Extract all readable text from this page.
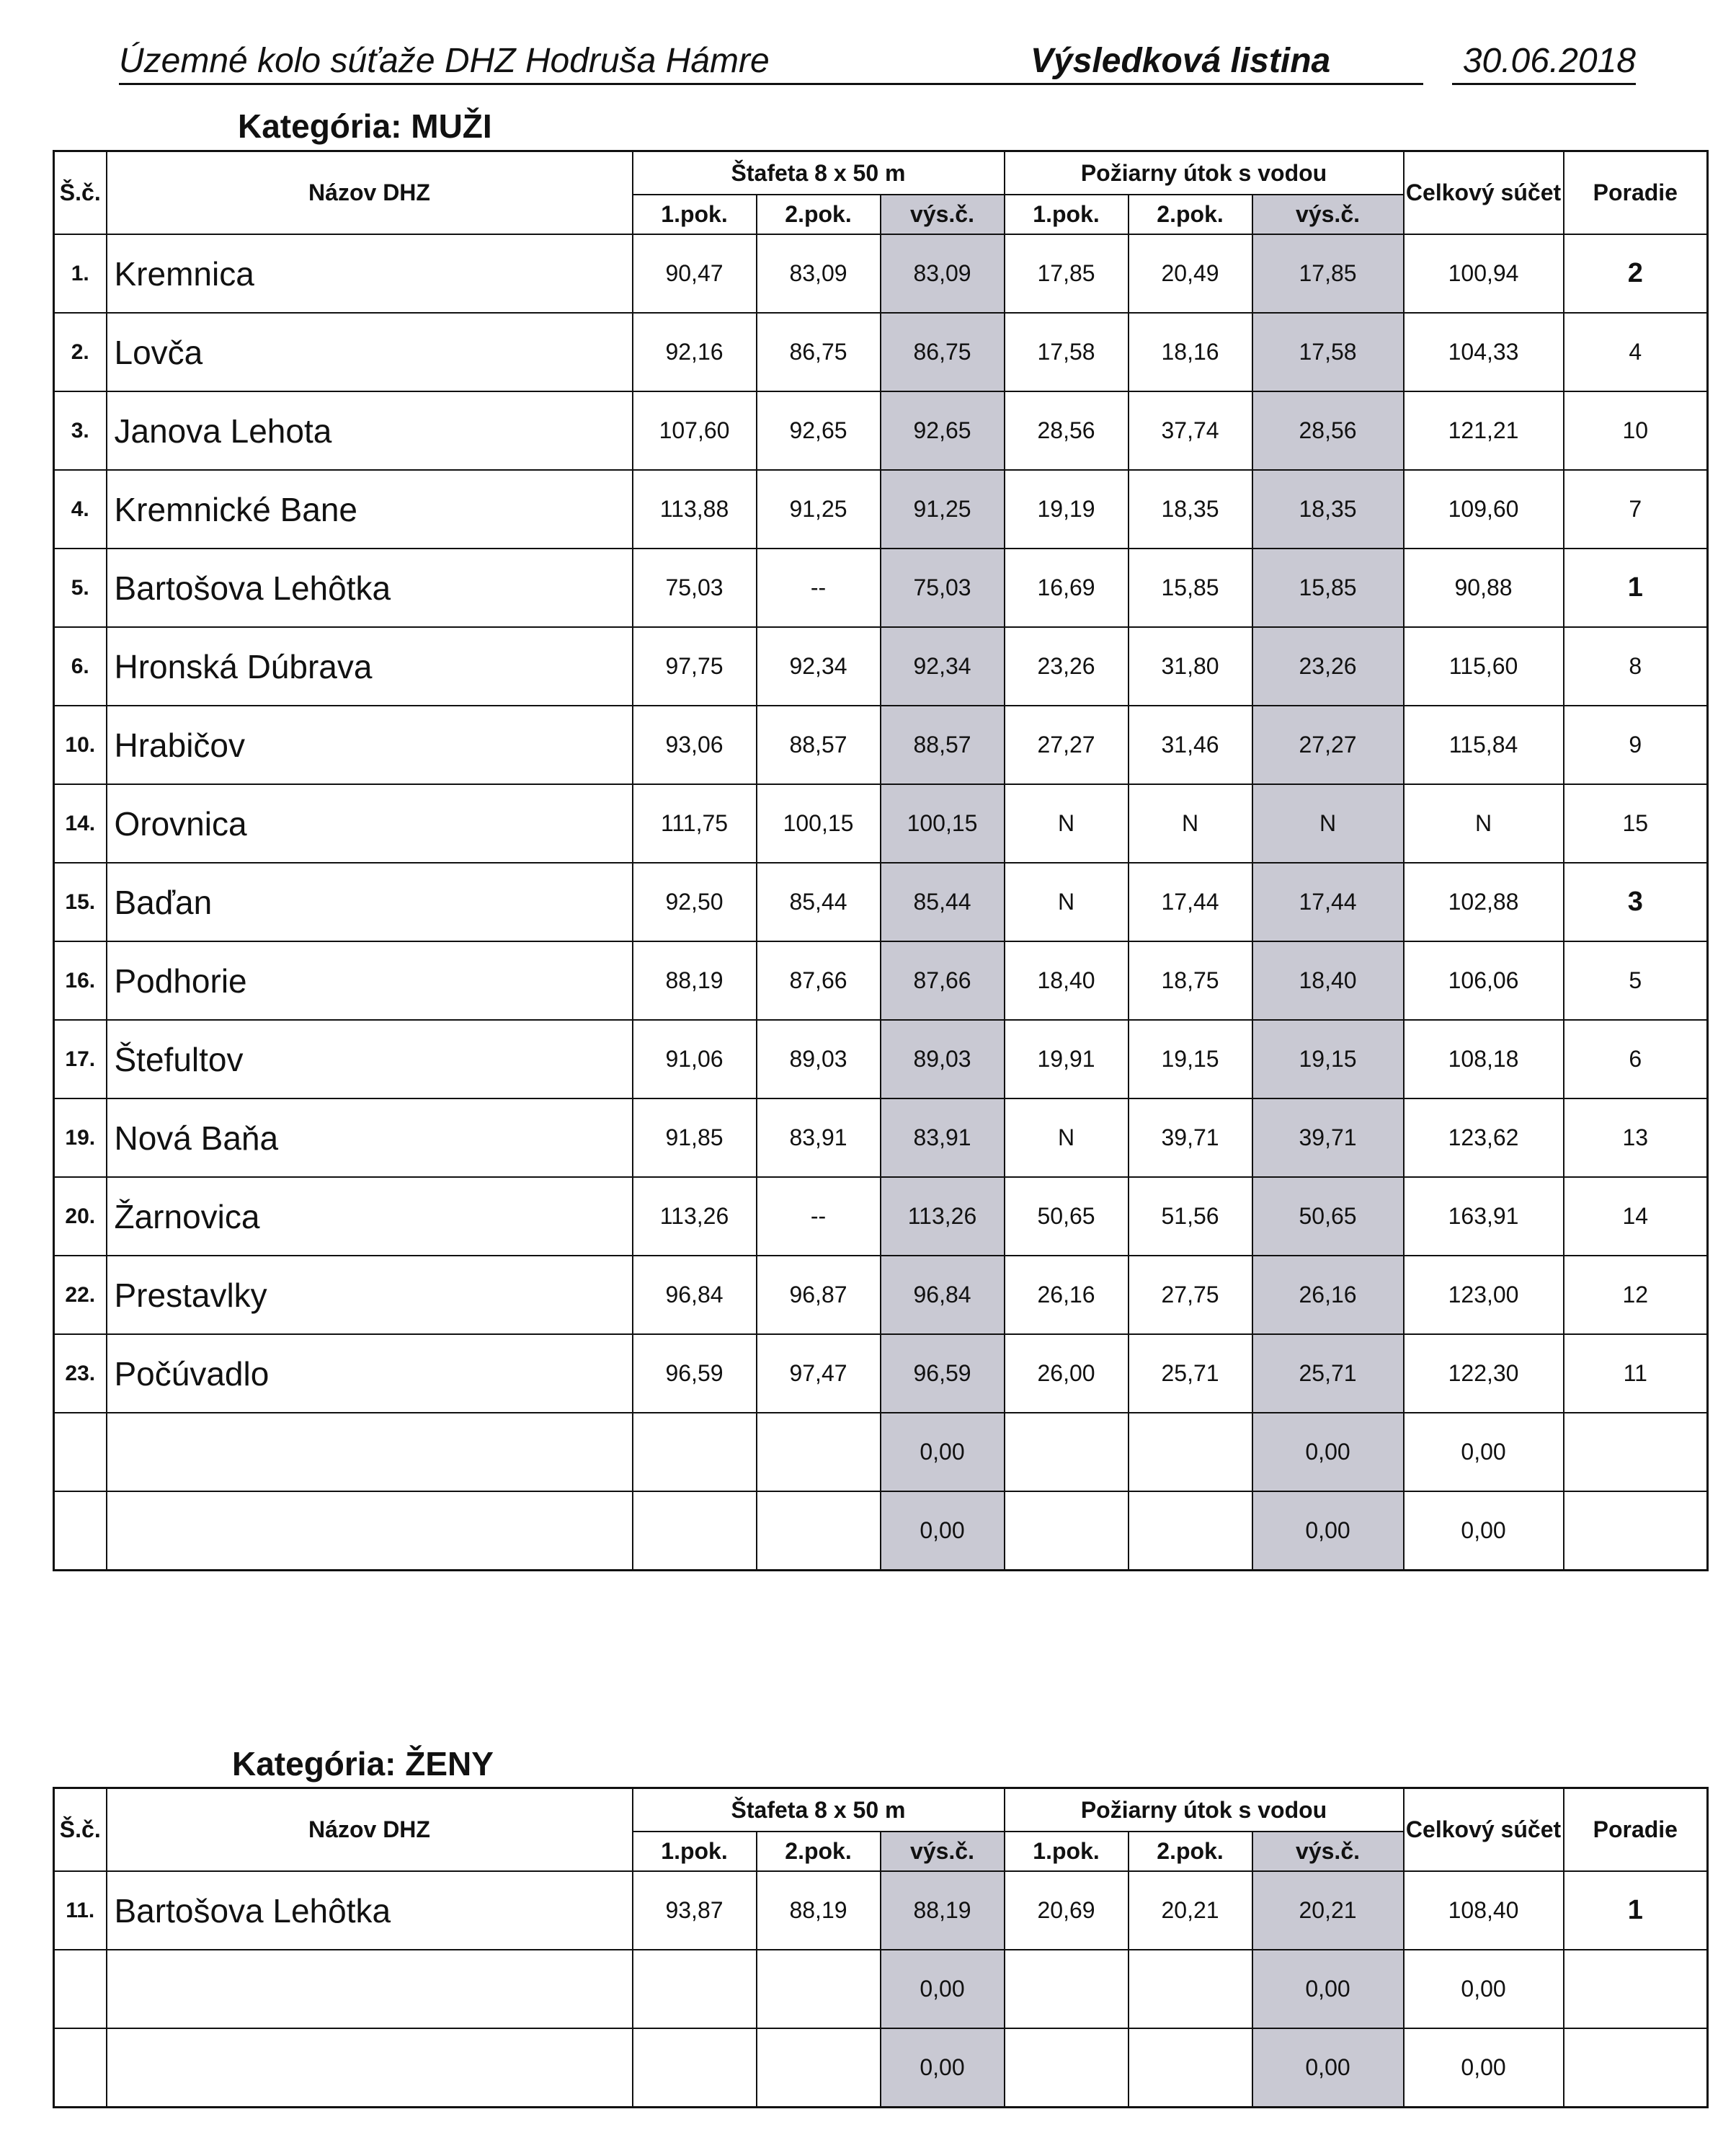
Územné kolo súťaže DHZ Hodruša Hámre	Výsledková listina	30.06.2018
Kategória: MUŽI
Š.č.	Názov DHZ	Štafeta 8 x 50 m			Požiarny útok s vodou			Celkový súčet	Poradie
		1.pok.	2.pok.	výs.č.	1.pok.	2.pok.	výs.č.		
1.	Kremnica	90,47	83,09	83,09	17,85	20,49	17,85	100,94	2
2.	Lovča	92,16	86,75	86,75	17,58	18,16	17,58	104,33	4
3.	Janova Lehota	107,60	92,65	92,65	28,56	37,74	28,56	121,21	10
4.	Kremnické Bane	113,88	91,25	91,25	19,19	18,35	18,35	109,60	7
5.	Bartošova Lehôtka	75,03	--	75,03	16,69	15,85	15,85	90,88	1
6.	Hronská Dúbrava	97,75	92,34	92,34	23,26	31,80	23,26	115,60	8
10.	Hrabičov	93,06	88,57	88,57	27,27	31,46	27,27	115,84	9
14.	Orovnica	111,75	100,15	100,15	N	N	N	N	15
15.	Baďan	92,50	85,44	85,44	N	17,44	17,44	102,88	3
16.	Podhorie	88,19	87,66	87,66	18,40	18,75	18,40	106,06	5
17.	Štefultov	91,06	89,03	89,03	19,91	19,15	19,15	108,18	6
19.	Nová Baňa	91,85	83,91	83,91	N	39,71	39,71	123,62	13
20.	Žarnovica	113,26	--	113,26	50,65	51,56	50,65	163,91	14
22.	Prestavlky	96,84	96,87	96,84	26,16	27,75	26,16	123,00	12
23.	Počúvadlo	96,59	97,47	96,59	26,00	25,71	25,71	122,30	11
				0,00			0,00	0,00	
				0,00			0,00	0,00	
Kategória: ŽENY
Š.č.	Názov DHZ	Štafeta 8 x 50 m			Požiarny útok s vodou			Celkový súčet	Poradie
		1.pok.	2.pok.	výs.č.	1.pok.	2.pok.	výs.č.		
11.	Bartošova Lehôtka	93,87	88,19	88,19	20,69	20,21	20,21	108,40	1
				0,00			0,00	0,00	
				0,00			0,00	0,00	
